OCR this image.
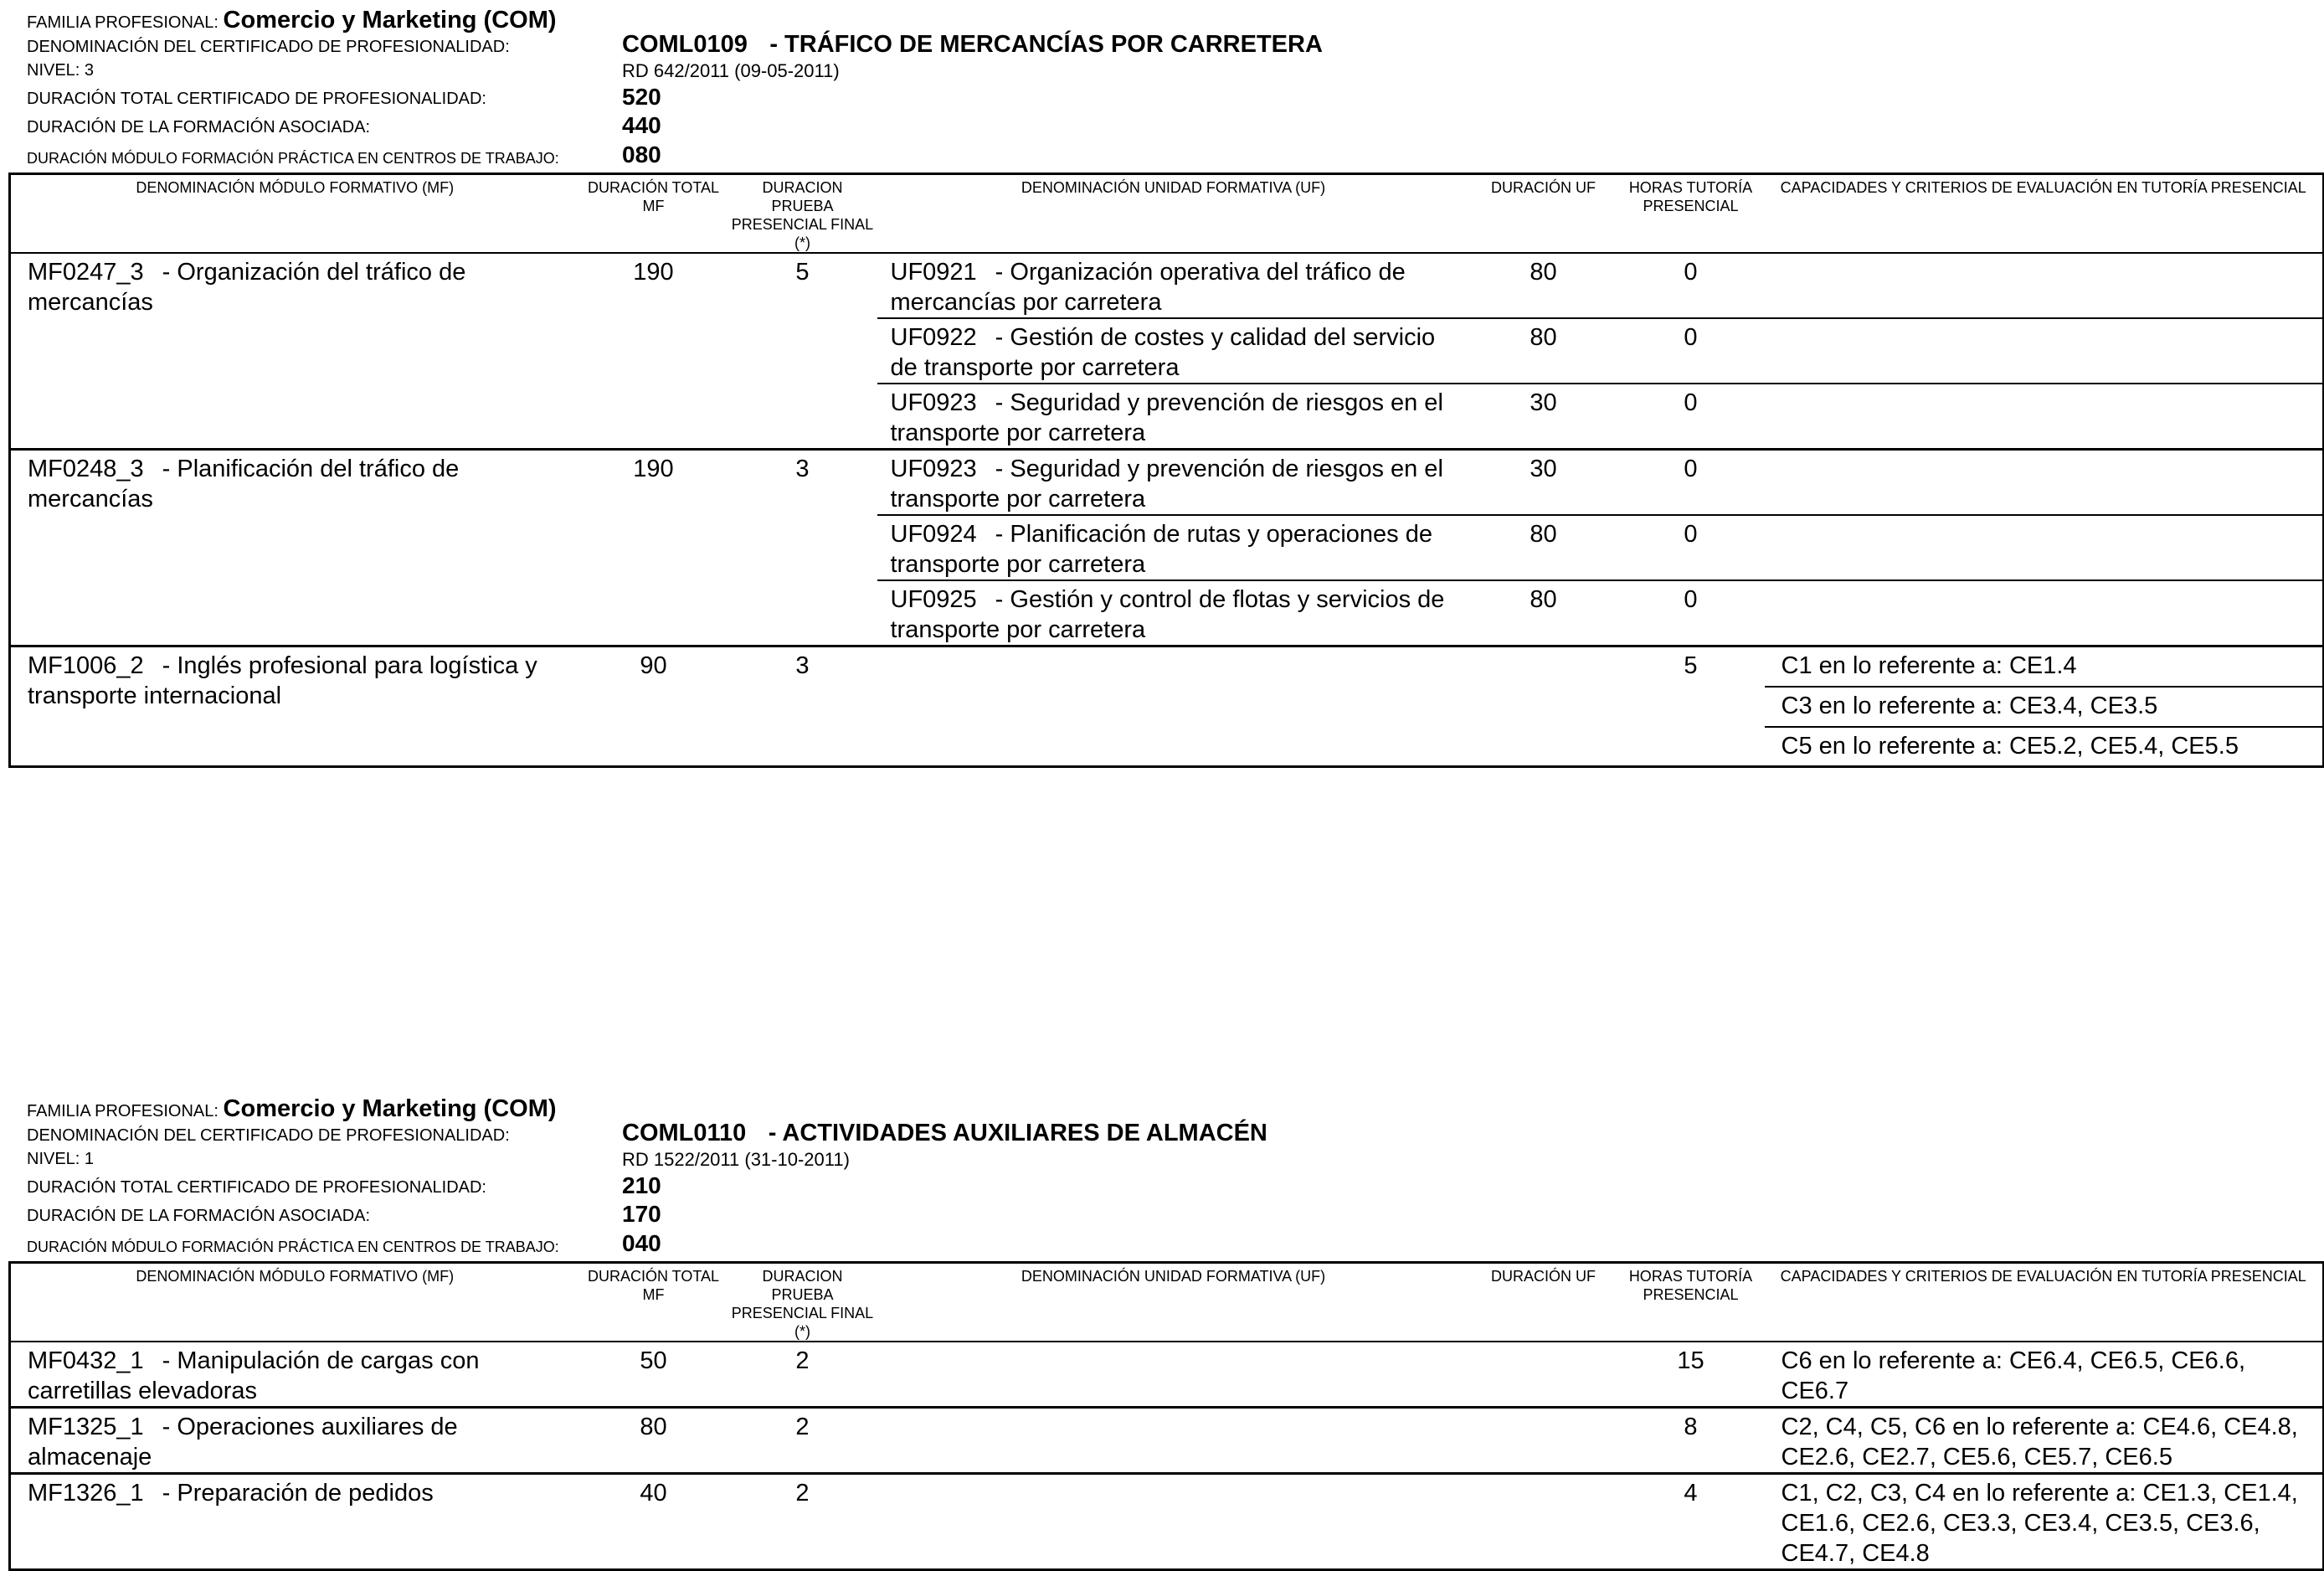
FAMILIA PROFESIONAL: Comercio y Marketing (COM)
DENOMINACIÓN DEL CERTIFICADO DE PROFESIONALIDAD:	COML0109 - TRÁFICO DE MERCANCÍAS POR CARRETERA
NIVEL: 3	RD 642/2011 (09-05-2011)
DURACIÓN TOTAL CERTIFICADO DE PROFESIONALIDAD:	520
DURACIÓN DE LA FORMACIÓN ASOCIADA:	440
DURACIÓN MÓDULO FORMACIÓN PRÁCTICA EN CENTROS DE TRABAJO:	080
DENOMINACIÓN MÓDULO FORMATIVO (MF)	DURACIÓN TOTAL MF	DURACION PRUEBA PRESENCIAL FINAL (*)	DENOMINACIÓN UNIDAD FORMATIVA (UF)	DURACIÓN UF	HORAS TUTORÍA PRESENCIAL	CAPACIDADES Y CRITERIOS DE EVALUACIÓN EN TUTORÍA PRESENCIAL
MF0247_3 - Organización del tráfico de mercancías	190	5	UF0921 - Organización operativa del tráfico de mercancías por carretera	80	0	
			UF0922 - Gestión de costes y calidad del servicio de transporte por carretera	80	0	
			UF0923 - Seguridad y prevención de riesgos en el transporte por carretera	30	0	
MF0248_3 - Planificación del tráfico de mercancías	190	3	UF0923 - Seguridad y prevención de riesgos en el transporte por carretera	30	0	
			UF0924 - Planificación de rutas y operaciones de transporte por carretera	80	0	
			UF0925 - Gestión y control de flotas y servicios de transporte por carretera	80	0	
MF1006_2 - Inglés profesional para logística y transporte internacional	90	3			5	C1 en lo referente a: CE1.4
						C3 en lo referente a: CE3.4, CE3.5
						C5 en lo referente a: CE5.2, CE5.4, CE5.5
FAMILIA PROFESIONAL: Comercio y Marketing (COM)
DENOMINACIÓN DEL CERTIFICADO DE PROFESIONALIDAD:	COML0110 - ACTIVIDADES AUXILIARES DE ALMACÉN
NIVEL: 1	RD 1522/2011 (31-10-2011)
DURACIÓN TOTAL CERTIFICADO DE PROFESIONALIDAD:	210
DURACIÓN DE LA FORMACIÓN ASOCIADA:	170
DURACIÓN MÓDULO FORMACIÓN PRÁCTICA EN CENTROS DE TRABAJO:	040
DENOMINACIÓN MÓDULO FORMATIVO (MF)	DURACIÓN TOTAL MF	DURACION PRUEBA PRESENCIAL FINAL (*)	DENOMINACIÓN UNIDAD FORMATIVA (UF)	DURACIÓN UF	HORAS TUTORÍA PRESENCIAL	CAPACIDADES Y CRITERIOS DE EVALUACIÓN EN TUTORÍA PRESENCIAL
MF0432_1 - Manipulación de cargas con carretillas elevadoras	50	2			15	C6 en lo referente a: CE6.4, CE6.5, CE6.6, CE6.7
MF1325_1 - Operaciones auxiliares de almacenaje	80	2			8	C2, C4, C5, C6 en lo referente a: CE4.6, CE4.8, CE2.6, CE2.7, CE5.6, CE5.7, CE6.5
MF1326_1 - Preparación de pedidos	40	2			4	C1, C2, C3, C4 en lo referente a: CE1.3, CE1.4, CE1.6, CE2.6, CE3.3, CE3.4, CE3.5, CE3.6, CE4.7, CE4.8
